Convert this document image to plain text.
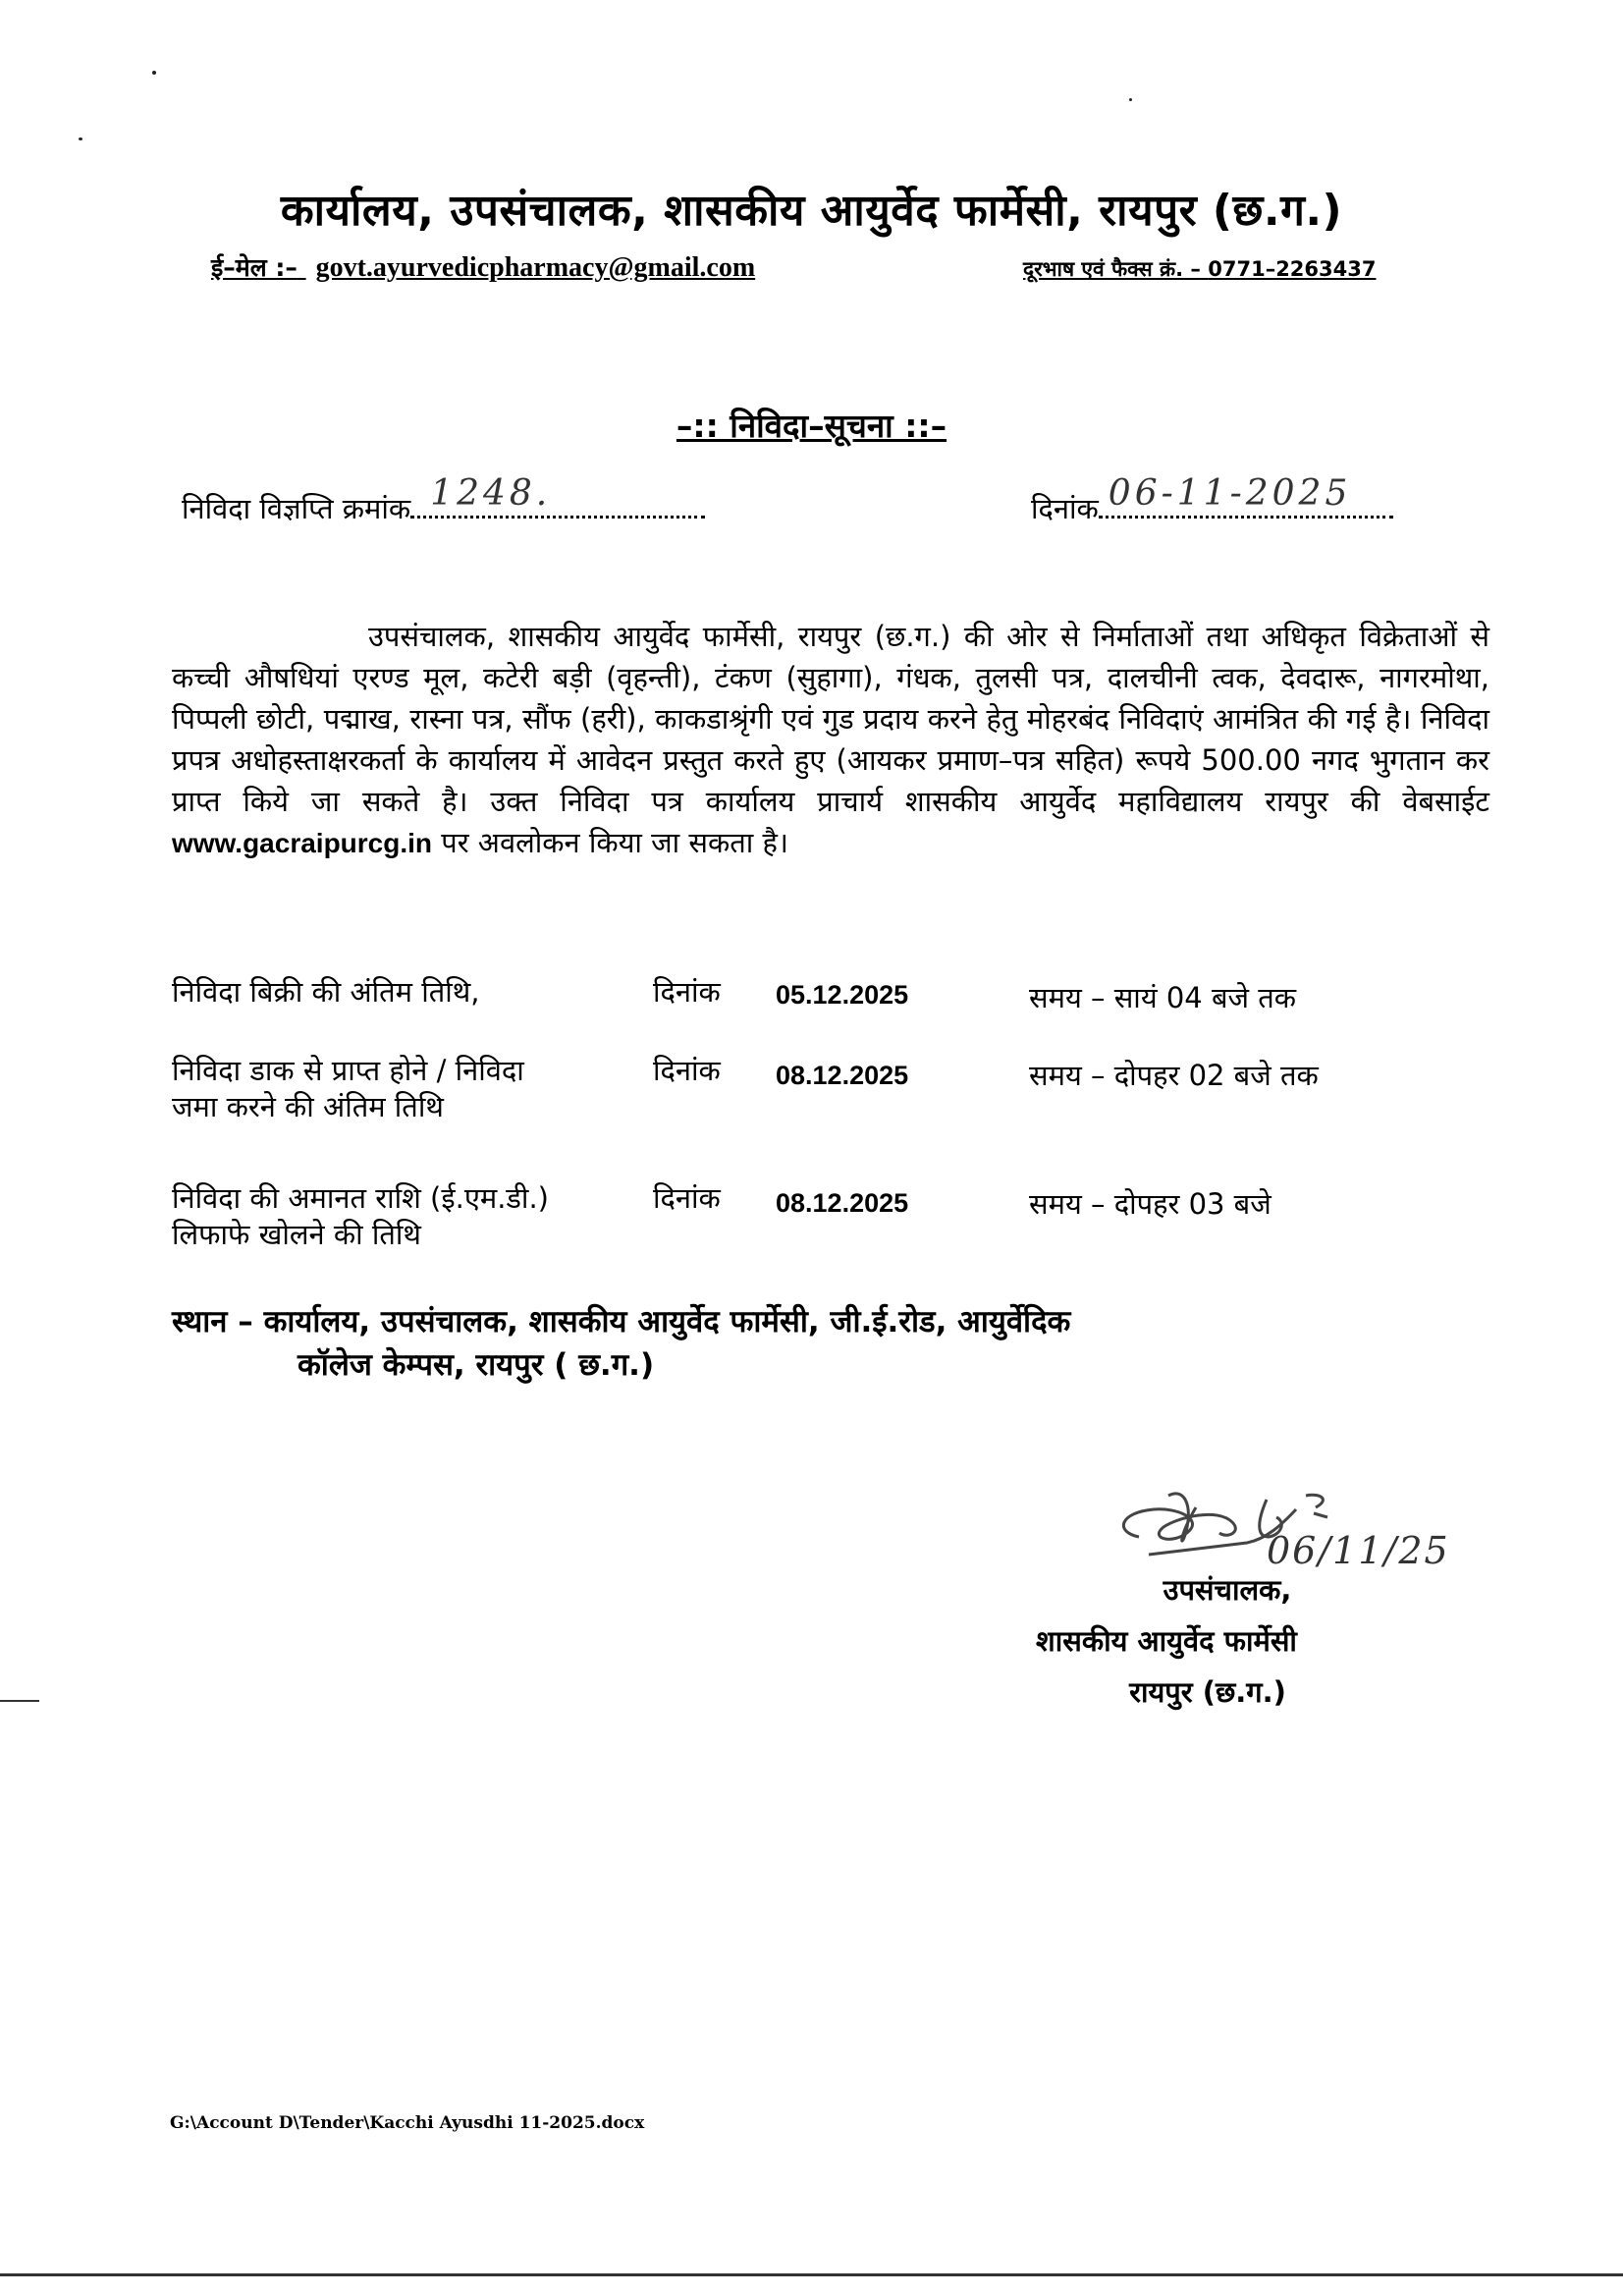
कार्यालय, उपसंचालक, शासकीय आयुर्वेद फार्मेसी, रायपुर (छ.ग.)
ई–मेल :– govt.ayurvedicpharmacy@gmail.com	दूरभाष एवं फैक्स क्रं. – 0771–2263437
–:: निविदा–सूचना ::–
निविदा विज्ञप्ति क्रमांक 1248.	दिनांक 06-11-2025
उपसंचालक, शासकीय आयुर्वेद फार्मेसी, रायपुर (छ.ग.) की ओर से निर्माताओं तथा अधिकृत विक्रेताओं से कच्ची औषधियां एरण्ड मूल, कटेरी बड़ी (वृहन्ती), टंकण (सुहागा), गंधक, तुलसी पत्र, दालचीनी त्वक, देवदारू, नागरमोथा, पिप्पली छोटी, पद्माख, रास्ना पत्र, सौंफ (हरी), काकडाश्रृंगी एवं गुड प्रदाय करने हेतु मोहरबंद निविदाएं आमंत्रित की गई है। निविदा प्रपत्र अधोहस्ताक्षरकर्ता के कार्यालय में आवेदन प्रस्तुत करते हुए (आयकर प्रमाण–पत्र सहित) रूपये 500.00 नगद भुगतान कर प्राप्त किये जा सकते है। उक्त निविदा पत्र कार्यालय प्राचार्य शासकीय आयुर्वेद महाविद्यालय रायपुर की वेबसाईट www.gacraipurcg.in पर अवलोकन किया जा सकता है।
निविदा बिक्री की अंतिम तिथि,	दिनांक 05.12.2025	समय – सायं 04 बजे तक
निविदा डाक से प्राप्त होने / निविदा
जमा करने की अंतिम तिथि
दिनांक 08.12.2025	समय – दोपहर 02 बजे तक
निविदा की अमानत राशि (ई.एम.डी.)
लिफाफे खोलने की तिथि
दिनांक 08.12.2025	समय – दोपहर 03 बजे
स्थान – कार्यालय, उपसंचालक, शासकीय आयुर्वेद फार्मेसी, जी.ई.रोड, आयुर्वेदिक
कॉलेज केम्पस, रायपुर ( छ.ग.)
06/11/25
उपसंचालक,
शासकीय आयुर्वेद फार्मेसी
रायपुर (छ.ग.)
G:\Account D\Tender\Kacchi Ayusdhi 11-2025.docx
